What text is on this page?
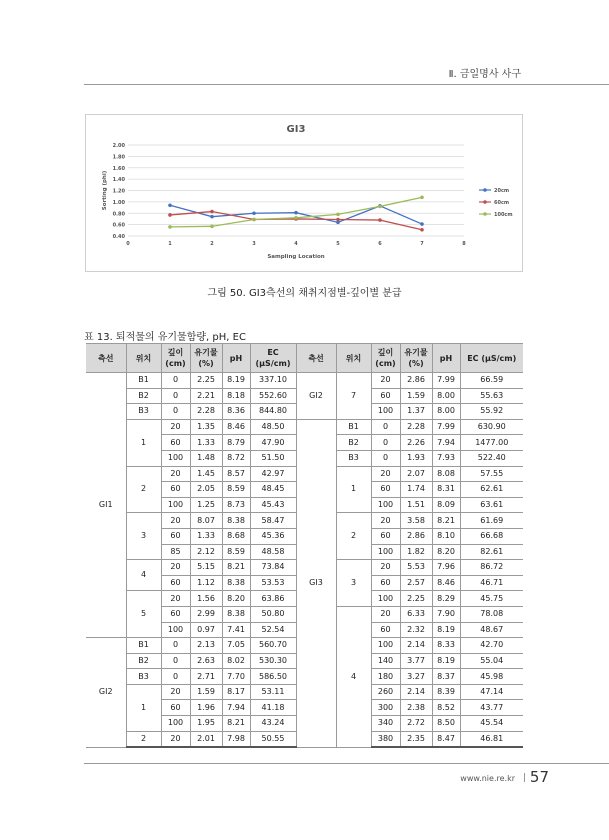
Ⅱ. 금일명사 사구
GI3
0.40
0.60
0.80
1.00
1.20
1.40
1.60
1.80
2.00
0	1	2	3	4	5	6	7	8
Sampling Location
Sorting (phi)	20cm
60cm
100cm
그림 50. GI3측선의 채취지점별-깊이별 분급
표 13. 퇴적물의 유기물함량, pH, EC
측선	위치	깊이 (cm)	유기물 (%)	pH	EC (μS/cm)	측선	위치	깊이 (cm)	유기물 (%)	pH	EC (μS/cm)
GI1	B1	0	2.25	8.19	337.10	GI2	7	20	2.86	7.99	66.59
	B2	0	2.21	8.18	552.60			60	1.59	8.00	55.63
	B3	0	2.28	8.36	844.80			100	1.37	8.00	55.92
	1	20	1.35	8.46	48.50	GI3	B1	0	2.28	7.99	630.90
		60	1.33	8.79	47.90		B2	0	2.26	7.94	1477.00
		100	1.48	8.72	51.50		B3	0	1.93	7.93	522.40
	2	20	1.45	8.57	42.97		1	20	2.07	8.08	57.55
		60	2.05	8.59	48.45			60	1.74	8.31	62.61
		100	1.25	8.73	45.43			100	1.51	8.09	63.61
	3	20	8.07	8.38	58.47		2	20	3.58	8.21	61.69
		60	1.33	8.68	45.36			60	2.86	8.10	66.68
		85	2.12	8.59	48.58			100	1.82	8.20	82.61
	4	20	5.15	8.21	73.84		3	20	5.53	7.96	86.72
		60	1.12	8.38	53.53			60	2.57	8.46	46.71
	5	20	1.56	8.20	63.86			100	2.25	8.29	45.75
		60	2.99	8.38	50.80		4	20	6.33	7.90	78.08
		100	0.97	7.41	52.54			60	2.32	8.19	48.67
GI2	B1	0	2.13	7.05	560.70			100	2.14	8.33	42.70
	B2	0	2.63	8.02	530.30			140	3.77	8.19	55.04
	B3	0	2.71	7.70	586.50			180	3.27	8.37	45.98
	1	20	1.59	8.17	53.11			260	2.14	8.39	47.14
		60	1.96	7.94	41.18			300	2.38	8.52	43.77
		100	1.95	8.21	43.24			340	2.72	8.50	45.54
	2	20	2.01	7.98	50.55			380	2.35	8.47	46.81
www.nie.re.kr | 57
